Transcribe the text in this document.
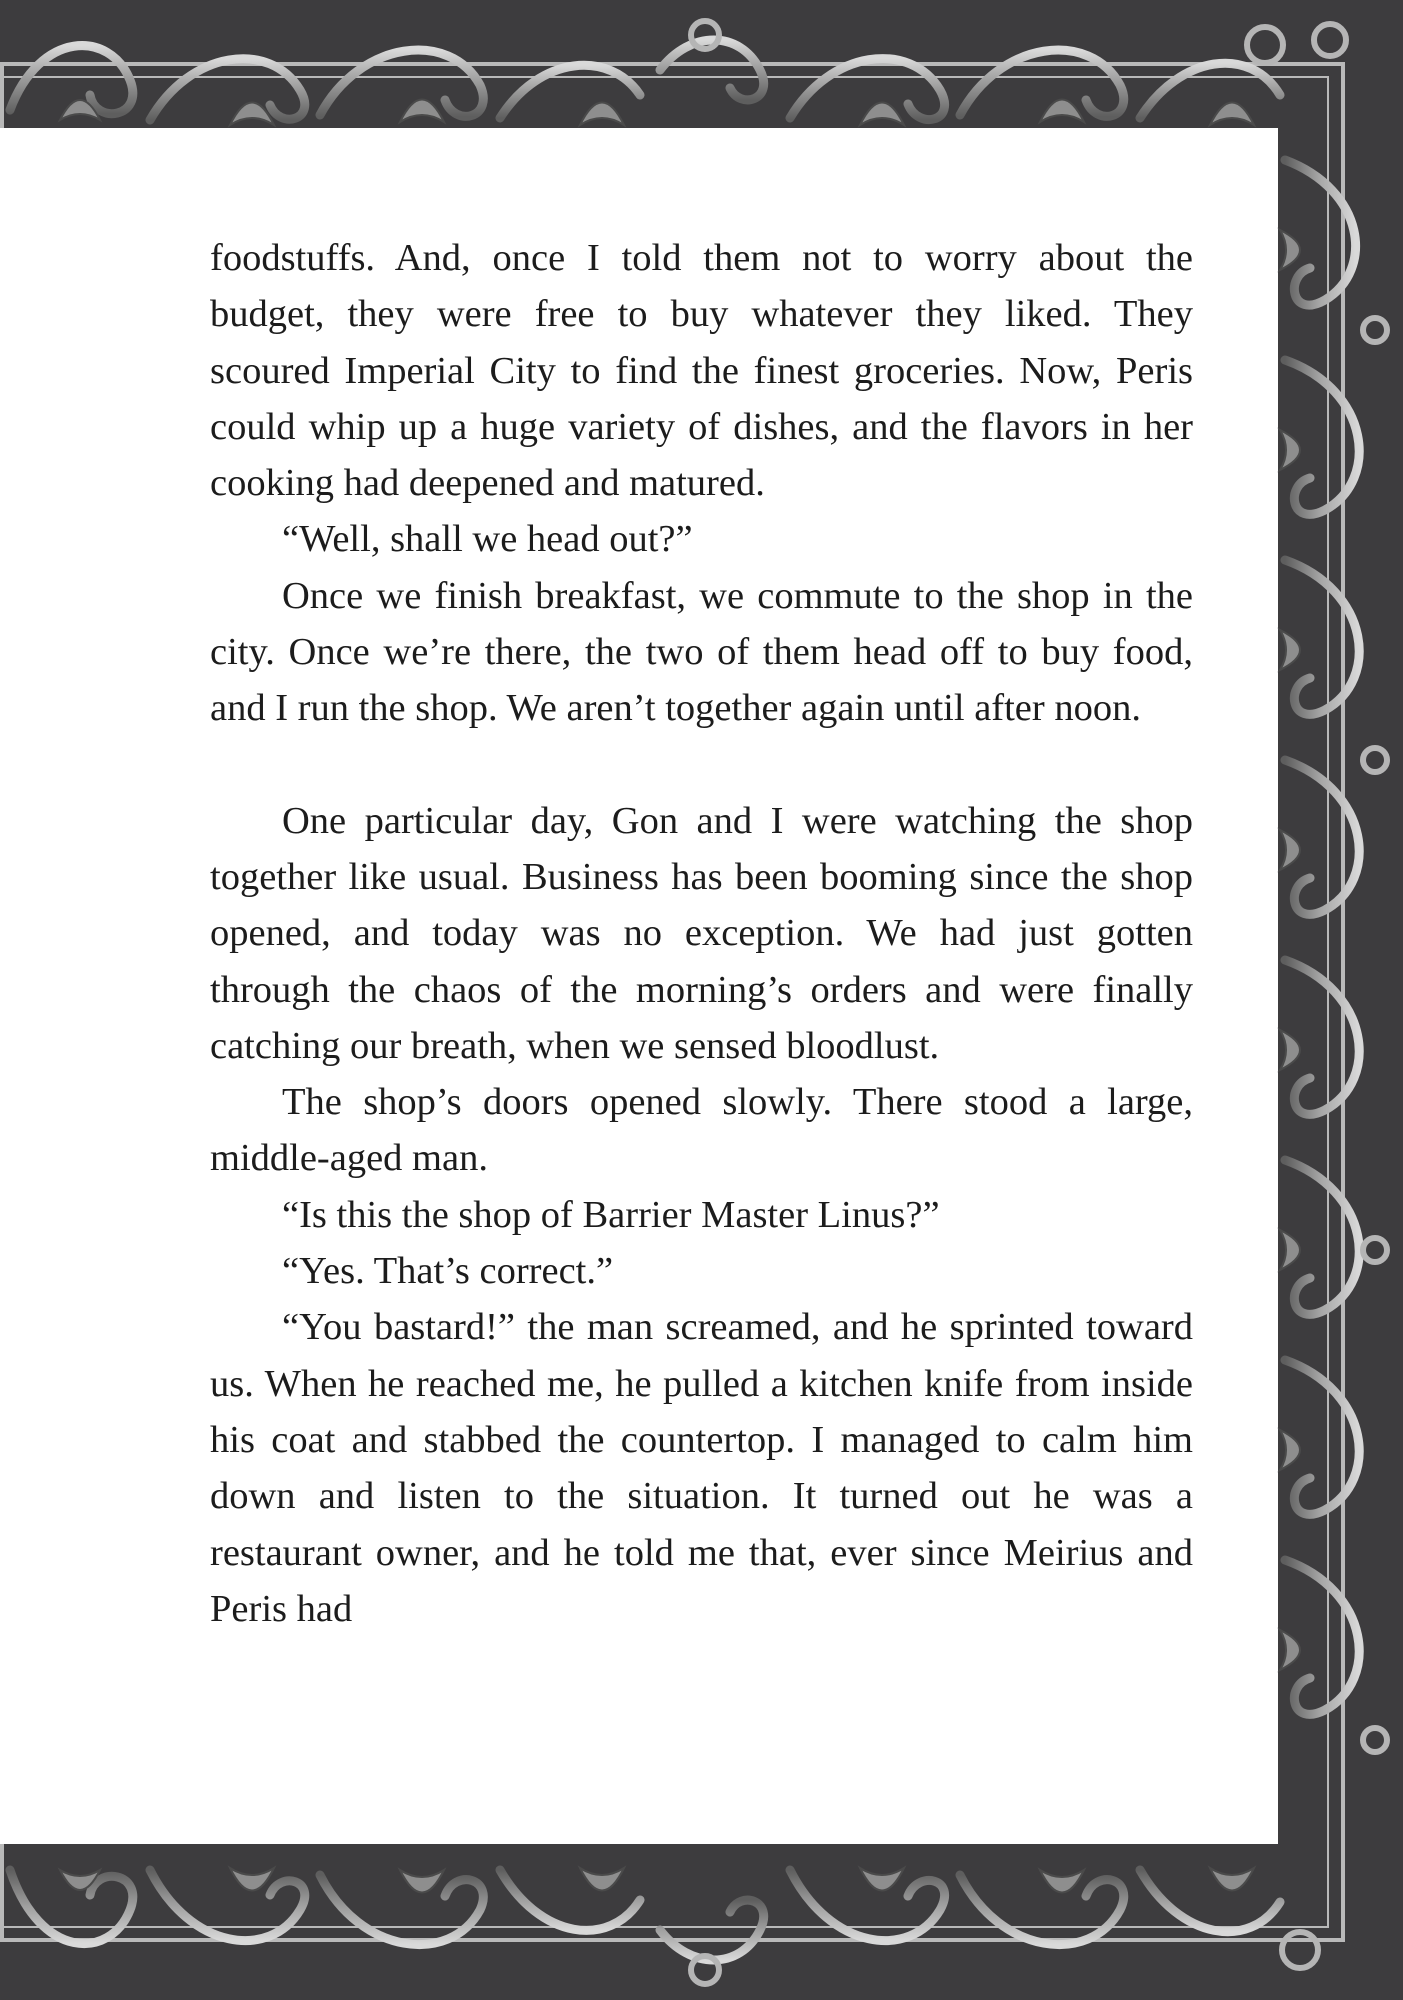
foodstuffs. And, once I told them not to worry about the budget, they were free to buy whatever they liked. They scoured Imperial City to find the finest groceries. Now, Peris could whip up a huge variety of dishes, and the flavors in her cooking had deepened and matured.

“Well, shall we head out?”

Once we finish breakfast, we commute to the shop in the city. Once we’re there, the two of them head off to buy food, and I run the shop. We aren’t together again until after noon.

One particular day, Gon and I were watching the shop together like usual. Business has been booming since the shop opened, and today was no exception. We had just gotten through the chaos of the morning’s orders and were finally catching our breath, when we sensed bloodlust.

The shop’s doors opened slowly. There stood a large, middle-aged man.

“Is this the shop of Barrier Master Linus?”

“Yes. That’s correct.”

“You bastard!” the man screamed, and he sprinted toward us. When he reached me, he pulled a kitchen knife from inside his coat and stabbed the countertop. I managed to calm him down and listen to the situation. It turned out he was a restaurant owner, and he told me that, ever since Meirius and Peris had
